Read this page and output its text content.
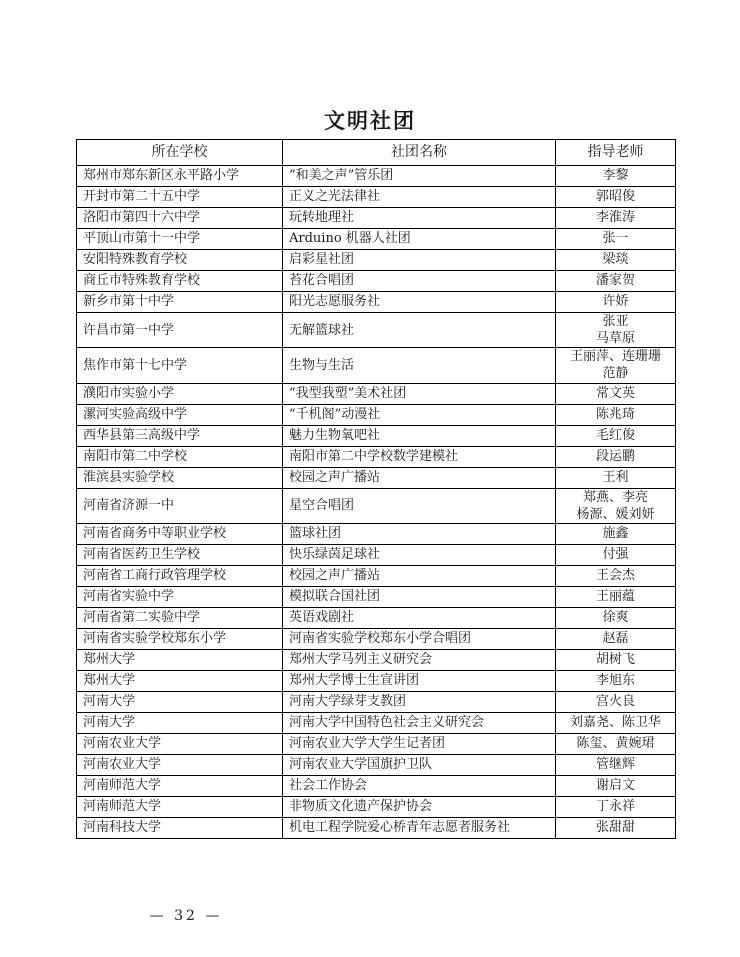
文明社团
所在学校	社团名称	指导老师
郑州市郑东新区永平路小学	“和美之声”管乐团	李黎
开封市第二十五中学	正义之光法律社	郭昭俊
洛阳市第四十六中学	玩转地理社	李淮涛
平顶山市第十一中学	Arduino 机器人社团	张一
安阳特殊教育学校	启彩星社团	梁琰
商丘市特殊教育学校	苔花合唱团	潘家贺
新乡市第十中学	阳光志愿服务社	许娇
许昌市第一中学	无解篮球社	张亚
马草原

焦作市第十七中学	生物与生活	王丽萍、连珊珊
范静

濮阳市实验小学	“我型我塑”美术社团	常文英
漯河实验高级中学	“千机阁”动漫社	陈兆琦
西华县第三高级中学	魅力生物氧吧社	毛红俊
南阳市第二中学校	南阳市第二中学校数学建模社	段运鹏
淮滨县实验学校	校园之声广播站	王利
河南省济源一中	星空合唱团	郑燕、李亮
杨源、媛刘妍

河南省商务中等职业学校	篮球社团	施鑫
河南省医药卫生学校	快乐绿茵足球社	付强
河南省工商行政管理学校	校园之声广播站	王会杰
河南省实验中学	模拟联合国社团	王丽蕴
河南省第二实验中学	英语戏剧社	徐爽
河南省实验学校郑东小学	河南省实验学校郑东小学合唱团	赵磊
郑州大学	郑州大学马列主义研究会	胡树飞
郑州大学	郑州大学博士生宣讲团	李旭东
河南大学	河南大学绿芽支教团	宫火良
河南大学	河南大学中国特色社会主义研究会	刘嘉尧、陈卫华
河南农业大学	河南农业大学大学生记者团	陈玺、黄婉珺
河南农业大学	河南农业大学国旗护卫队	管继辉
河南师范大学	社会工作协会	谢启文
河南师范大学	非物质文化遗产保护协会	丁永祥
河南科技大学	机电工程学院爱心桥青年志愿者服务社	张甜甜
— 32 —
